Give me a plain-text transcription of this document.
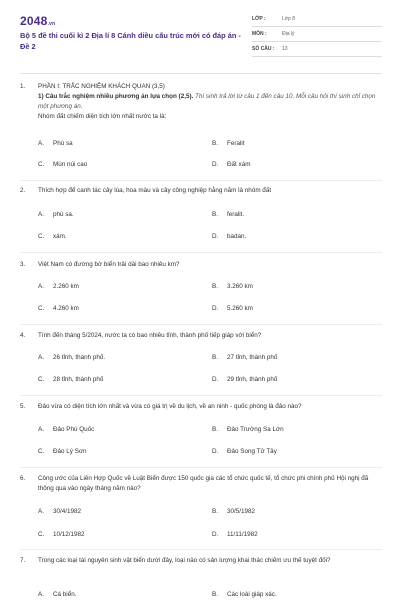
2048.vn
Bộ 5 đề thi cuối kì 2 Địa lí 8 Cánh diều cấu trúc mới có đáp án - Đề 2
LỚP :	Lớp 8
MÔN :	Địa lý
SỐ CÂU :	13
1.	PHẦN I: TRẮC NGHIỆM KHÁCH QUAN (3,5)
1) Câu trắc nghiệm nhiều phương án lựa chọn (2,5). Thí sinh trả lời từ câu 1 đến câu 10. Mỗi câu hỏi thí sinh chỉ chọn một phương án.
Nhóm đất chiếm diện tích lớn nhất nước ta là:
A. Phù sa	B. Feralit
C. Mùn núi cao	D. Đất xám
2.	Thích hợp để canh tác cây lúa, hoa màu và cây công nghiệp hằng năm là nhóm đất
A. phù sa.	B. feralit.
C. xám.	D. badan.
3.	Việt Nam có đường bờ biển trải dài bao nhiêu km?
A. 2.260 km	B. 3.260 km
C. 4.260 km	D. 5.260 km
4.	Tính đến tháng 5/2024, nước ta có bao nhiêu tỉnh, thành phố tiếp giáp với biển?
A. 26 tỉnh, thành phố.	B. 27 tỉnh, thành phố
C. 28 tỉnh, thành phố	D. 29 tỉnh, thành phố
5.	Đảo vừa có diện tích lớn nhất và vừa có giá trị về du lịch, về an ninh - quốc phòng là đảo nào?
A. Đảo Phú Quốc	B. Đảo Trường Sa Lớn
C. Đảo Lý Sơn	D. Đảo Song Tử Tây
6.	Công ước của Liên Hợp Quốc về Luật Biển được 150 quốc gia các tổ chức quốc tế, tổ chức phi chính phủ Hội nghị đã thông qua vào ngày tháng năm nào?
A. 30/4/1982	B. 30/5/1982
C. 10/12/1982	D. 11/11/1982
7.	Trong các loại tài nguyên sinh vật biển dưới đây, loại nào có sản lượng khai thác chiếm ưu thế tuyệt đối?
A. Cá biển.	B. Các loài giáp xác.
